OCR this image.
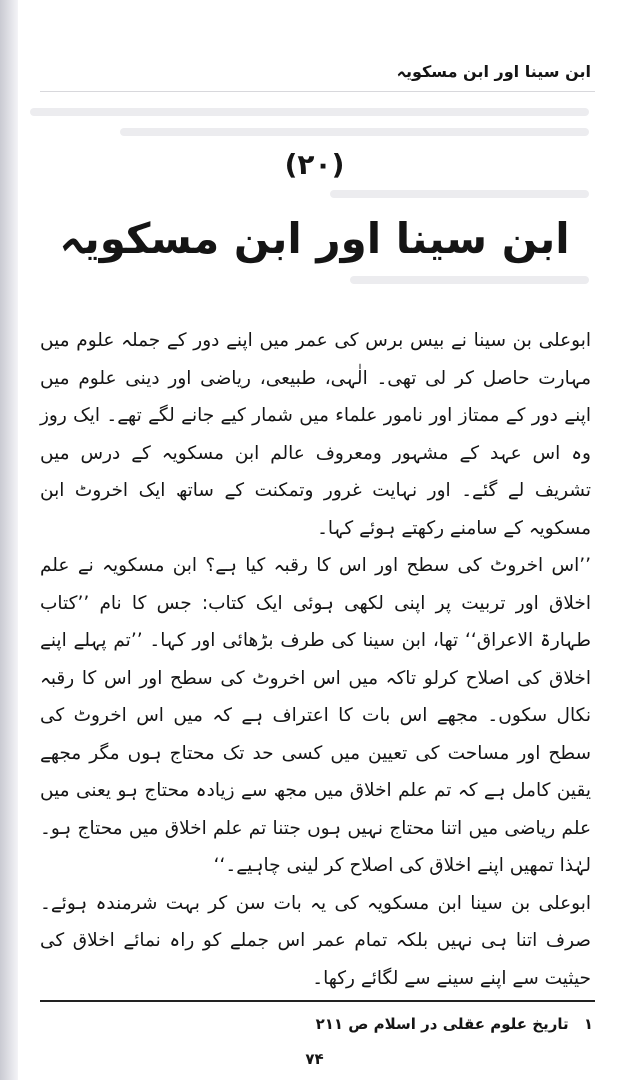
ابن سینا اور ابن مسکویہ
(۲۰)
ابن سینا اور ابن مسکویہ

ابوعلی بن سینا نے بیس برس کی عمر میں اپنے دور کے جملہ علوم میں مہارت حاصل کر لی تھی۔ الٰہی، طبیعی، ریاضی اور دینی علوم میں اپنے دور کے ممتاز اور نامور علماء میں شمار کیے جانے لگے تھے۔ ایک روز وہ اس عہد کے مشہور ومعروف عالم ابن مسکویہ کے درس میں تشریف لے گئے۔ اور نہایت غرور وتمکنت کے ساتھ ایک اخروٹ ابن مسکویہ کے سامنے رکھتے ہوئے کہا۔

’’اس اخروٹ کی سطح اور اس کا رقبہ کیا ہے؟ ابن مسکویہ نے علم اخلاق اور تربیت پر اپنی لکھی ہوئی ایک کتاب: جس کا نام ’’کتاب طہارۃ الاعراق‘‘ تھا، ابن سینا کی طرف بڑھائی اور کہا۔ ’’تم پہلے اپنے اخلاق کی اصلاح کرلو تاکہ میں اس اخروٹ کی سطح اور اس کا رقبہ نکال سکوں۔ مجھے اس بات کا اعتراف ہے کہ میں اس اخروٹ کی سطح اور مساحت کی تعیین میں کسی حد تک محتاج ہوں مگر مجھے یقین کامل ہے کہ تم علم اخلاق میں مجھ سے زیادہ محتاج ہو یعنی میں علم ریاضی میں اتنا محتاج نہیں ہوں جتنا تم علم اخلاق میں محتاج ہو۔ لہٰذا تمھیں اپنے اخلاق کی اصلاح کر لینی چاہیے۔‘‘

ابوعلی بن سینا ابن مسکویہ کی یہ بات سن کر بہت شرمندہ ہوئے۔ صرف اتنا ہی نہیں بلکہ تمام عمر اس جملے کو راہ نمائے اخلاق کی حیثیت سے اپنے سینے سے لگائے رکھا۔

۱ تاریخ علوم عقلی در اسلام ص ۲۱۱
۷۴
